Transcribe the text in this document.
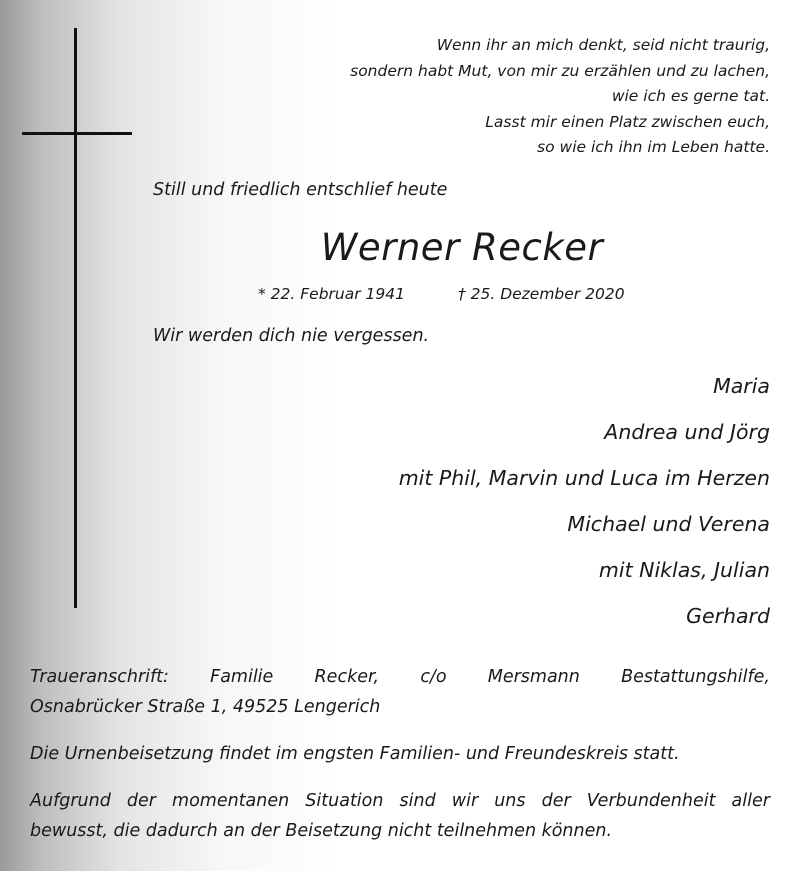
Wenn ihr an mich denkt, seid nicht traurig,
sondern habt Mut, von mir zu erzählen und zu lachen,
wie ich es gerne tat.
Lasst mir einen Platz zwischen euch,
so wie ich ihn im Leben hatte.
Still und friedlich entschlief heute
Werner Recker
* 22. Februar 1941	† 25. Dezember 2020
Wir werden dich nie vergessen.
Maria
Andrea und Jörg
mit Phil, Marvin und Luca im Herzen
Michael und Verena
mit Niklas, Julian
Gerhard
Traueranschrift: Familie Recker, c/o Mersmann Bestattungshilfe,
Osnabrücker Straße 1, 49525 Lengerich
Die Urnenbeisetzung findet im engsten Familien- und Freundeskreis statt.
Aufgrund der momentanen Situation sind wir uns der Verbundenheit aller
bewusst, die dadurch an der Beisetzung nicht teilnehmen können.
